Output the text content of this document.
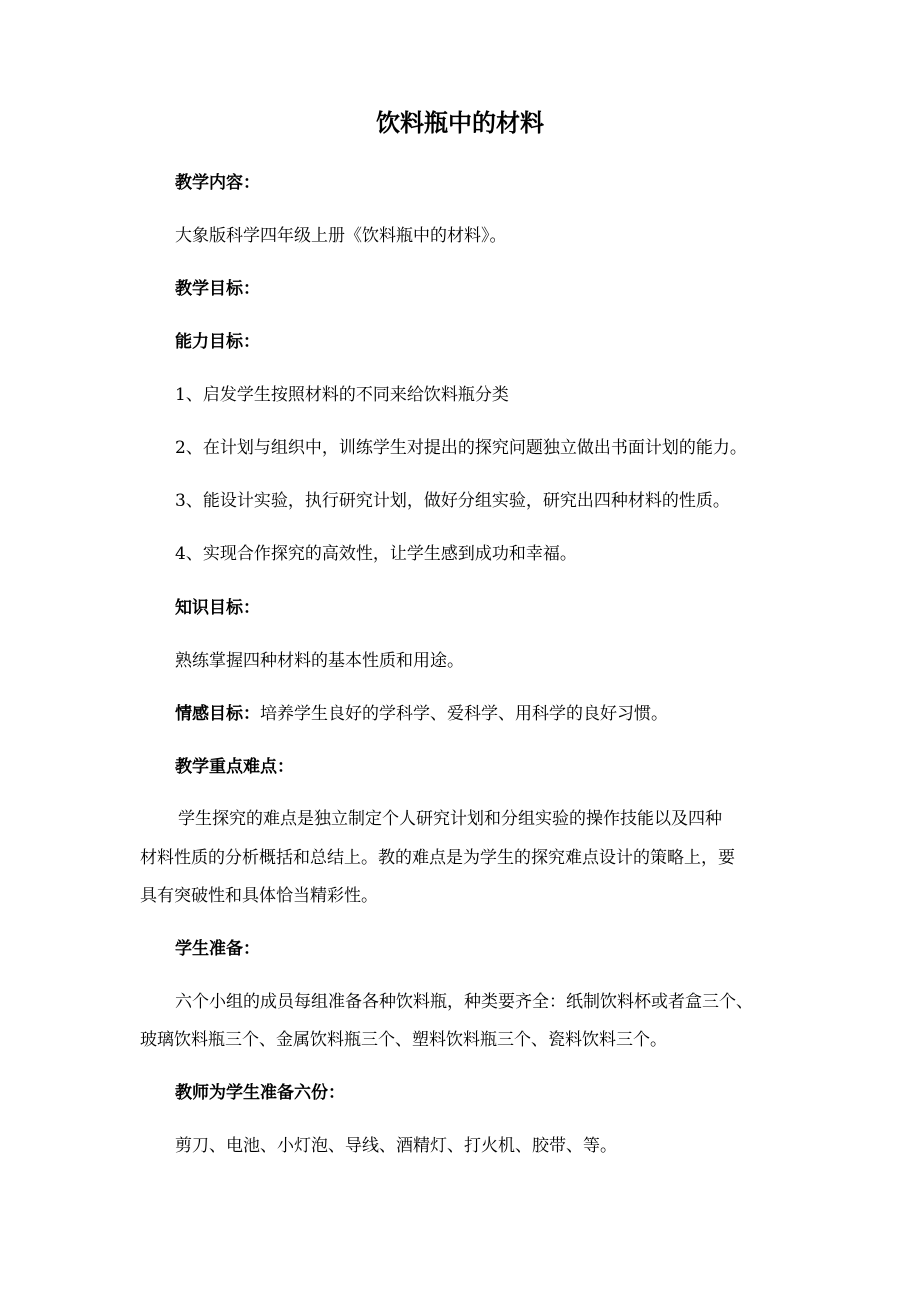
饮料瓶中的材料

教学内容：

大象版科学四年级上册《饮料瓶中的材料》。

教学目标：

能力目标：

1、启发学生按照材料的不同来给饮料瓶分类

2、在计划与组织中，训练学生对提出的探究问题独立做出书面计划的能力。

3、能设计实验，执行研究计划，做好分组实验，研究出四种材料的性质。

4、实现合作探究的高效性，让学生感到成功和幸福。

知识目标：

熟练掌握四种材料的基本性质和用途。

情感目标：培养学生良好的学科学、爱科学、用科学的良好习惯。

教学重点难点：

学生探究的难点是独立制定个人研究计划和分组实验的操作技能以及四种

材料性质的分析概括和总结上。教的难点是为学生的探究难点设计的策略上，要

具有突破性和具体恰当精彩性。

学生准备：

六个小组的成员每组准备各种饮料瓶，种类要齐全：纸制饮料杯或者盒三个、

玻璃饮料瓶三个、金属饮料瓶三个、塑料饮料瓶三个、瓷料饮料三个。

教师为学生准备六份：

剪刀、电池、小灯泡、导线、酒精灯、打火机、胶带、等。
